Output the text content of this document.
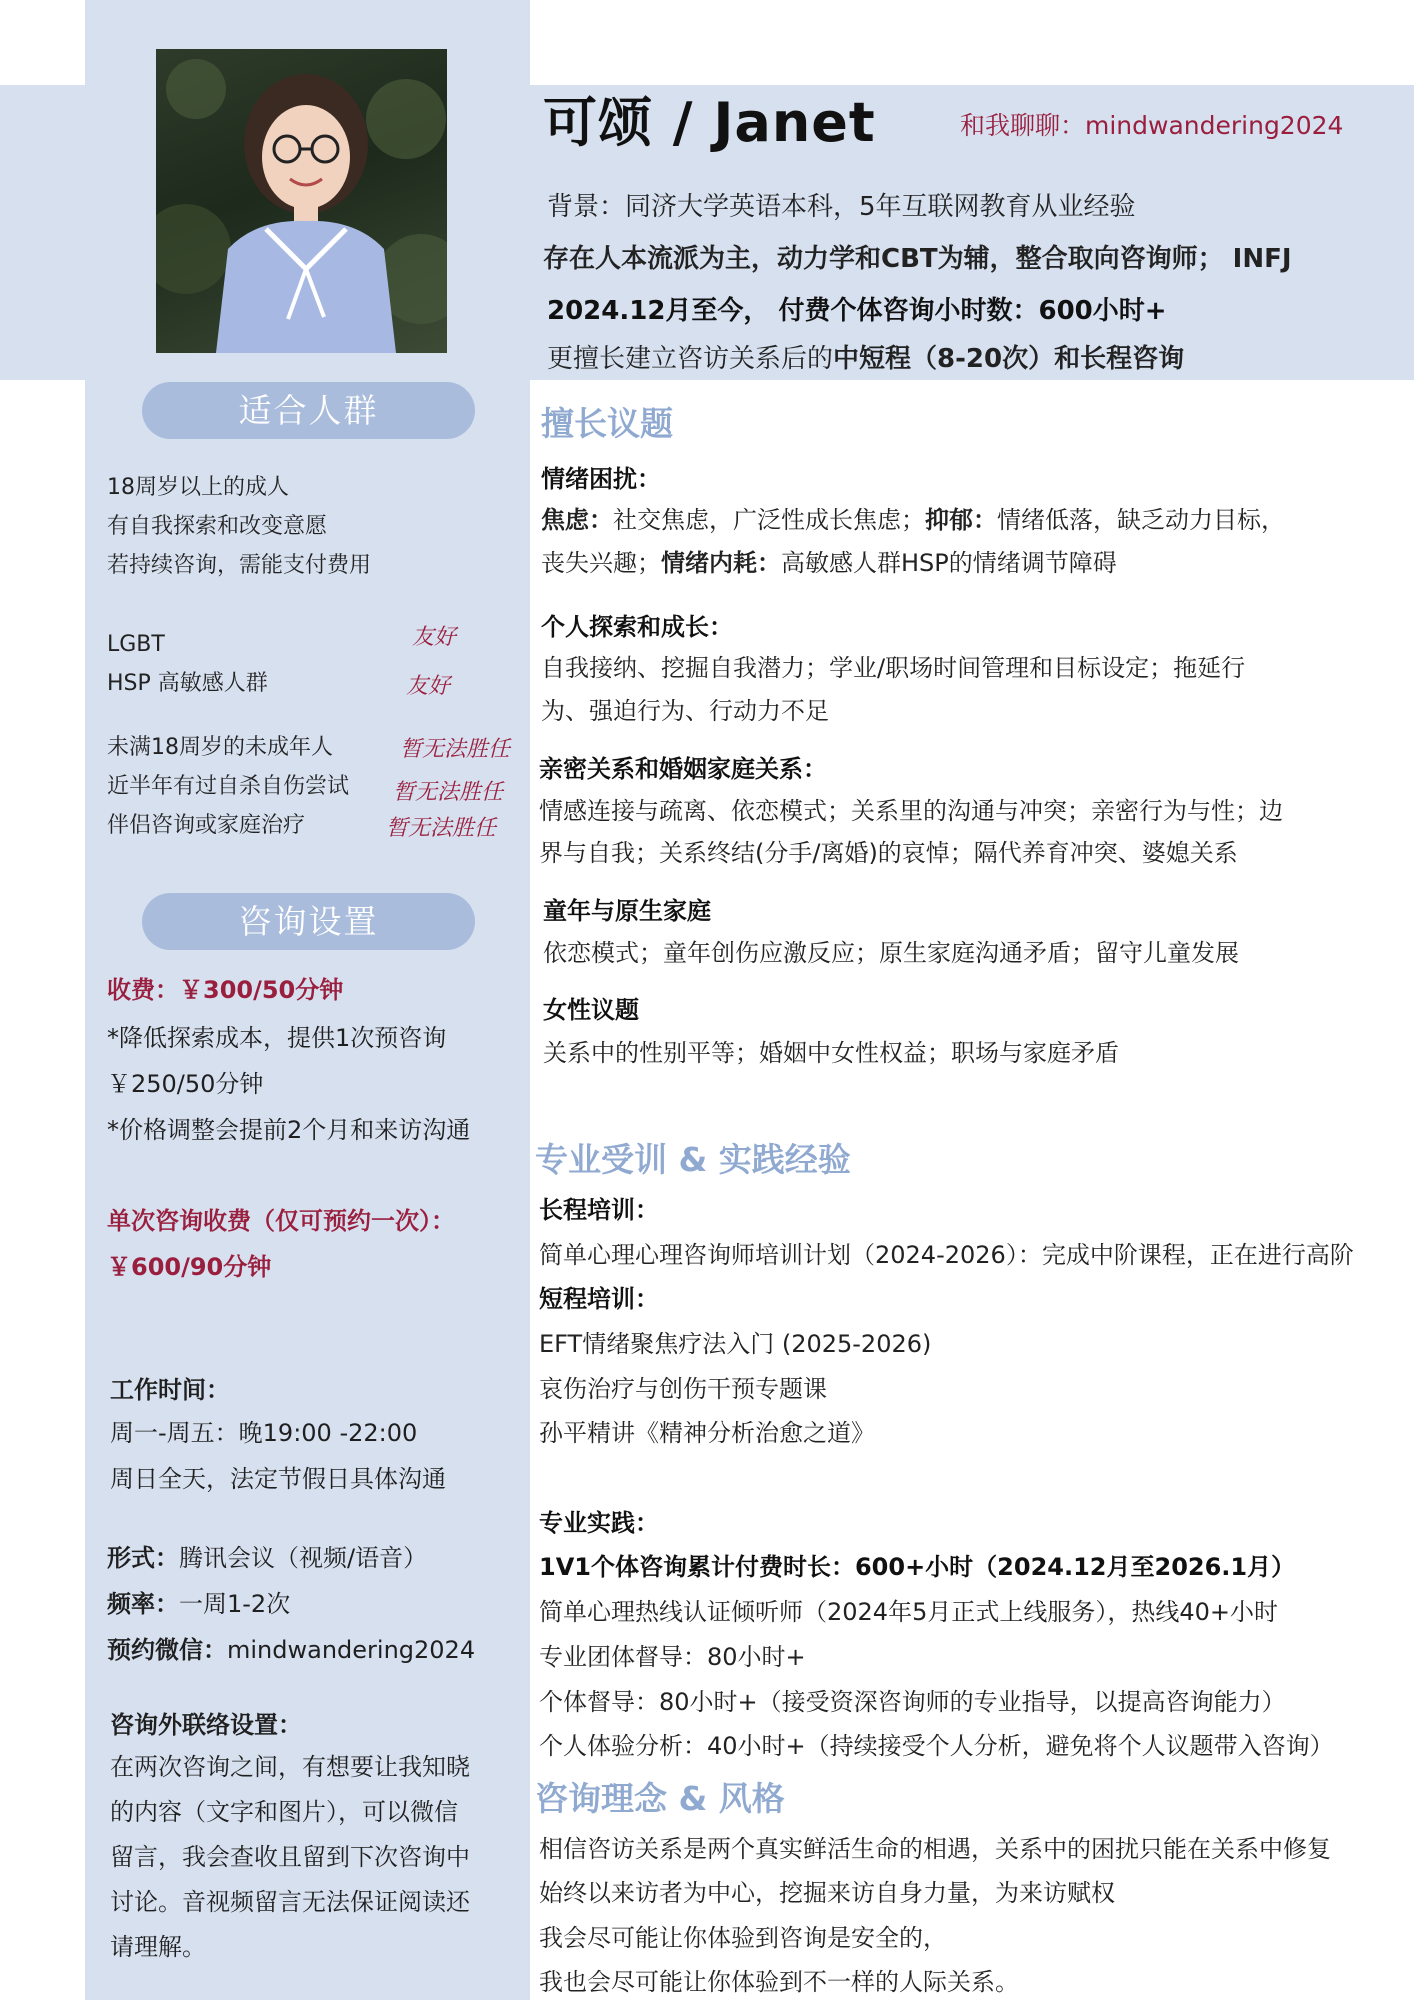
可颂 / Janet	和我聊聊：mindwandering2024
背景：同济大学英语本科，5年互联网教育从业经验
存在人本流派为主，动力学和CBT为辅，整合取向咨询师； INFJ
2024.12月至今， 付费个体咨询小时数：600小时+
更擅长建立咨访关系后的中短程（8-20次）和长程咨询
适合人群
18周岁以上的成人
有自我探索和改变意愿
若持续咨询，需能支付费用
LGBT	友好
HSP 高敏感人群	友好
未满18周岁的未成年人	暂无法胜任
近半年有过自杀自伤尝试 暂无法胜任
伴侣咨询或家庭治疗	暂无法胜任
咨询设置
收费：￥300/50分钟
*降低探索成本，提供1次预咨询
￥250/50分钟
*价格调整会提前2个月和来访沟通
单次咨询收费（仅可预约一次）：
￥600/90分钟
工作时间：
周一-周五：晚19:00 -22:00
周日全天，法定节假日具体沟通
形式：腾讯会议（视频/语音）
频率：一周1-2次
预约微信：mindwandering2024
咨询外联络设置：
在两次咨询之间，有想要让我知晓
的内容（文字和图片），可以微信
留言，我会查收且留到下次咨询中
讨论。音视频留言无法保证阅读还
请理解。
擅长议题
情绪困扰：
焦虑：社交焦虑，广泛性成长焦虑；抑郁：情绪低落，缺乏动力目标，
丧失兴趣；情绪内耗：高敏感人群HSP的情绪调节障碍
个人探索和成长：
自我接纳、挖掘自我潜力；学业/职场时间管理和目标设定；拖延行
为、强迫行为、行动力不足
亲密关系和婚姻家庭关系：
情感连接与疏离、依恋模式；关系里的沟通与冲突；亲密行为与性；边
界与自我；关系终结(分手/离婚)的哀悼；隔代养育冲突、婆媳关系
童年与原生家庭
依恋模式；童年创伤应激反应；原生家庭沟通矛盾；留守儿童发展
女性议题
关系中的性别平等；婚姻中女性权益；职场与家庭矛盾
专业受训 & 实践经验
长程培训：
简单心理心理咨询师培训计划（2024-2026）：完成中阶课程，正在进行高阶
短程培训：
EFT情绪聚焦疗法入门 (2025-2026)
哀伤治疗与创伤干预专题课
孙平精讲《精神分析治愈之道》
专业实践：
1V1个体咨询累计付费时长：600+小时（2024.12月至2026.1月）
简单心理热线认证倾听师（2024年5月正式上线服务），热线40+小时
专业团体督导：80小时+
个体督导：80小时+（接受资深咨询师的专业指导，以提高咨询能力）
个人体验分析：40小时+（持续接受个人分析，避免将个人议题带入咨询）
咨询理念 & 风格
相信咨访关系是两个真实鲜活生命的相遇，关系中的困扰只能在关系中修复
始终以来访者为中心，挖掘来访自身力量，为来访赋权
我会尽可能让你体验到咨询是安全的，
我也会尽可能让你体验到不一样的人际关系。
